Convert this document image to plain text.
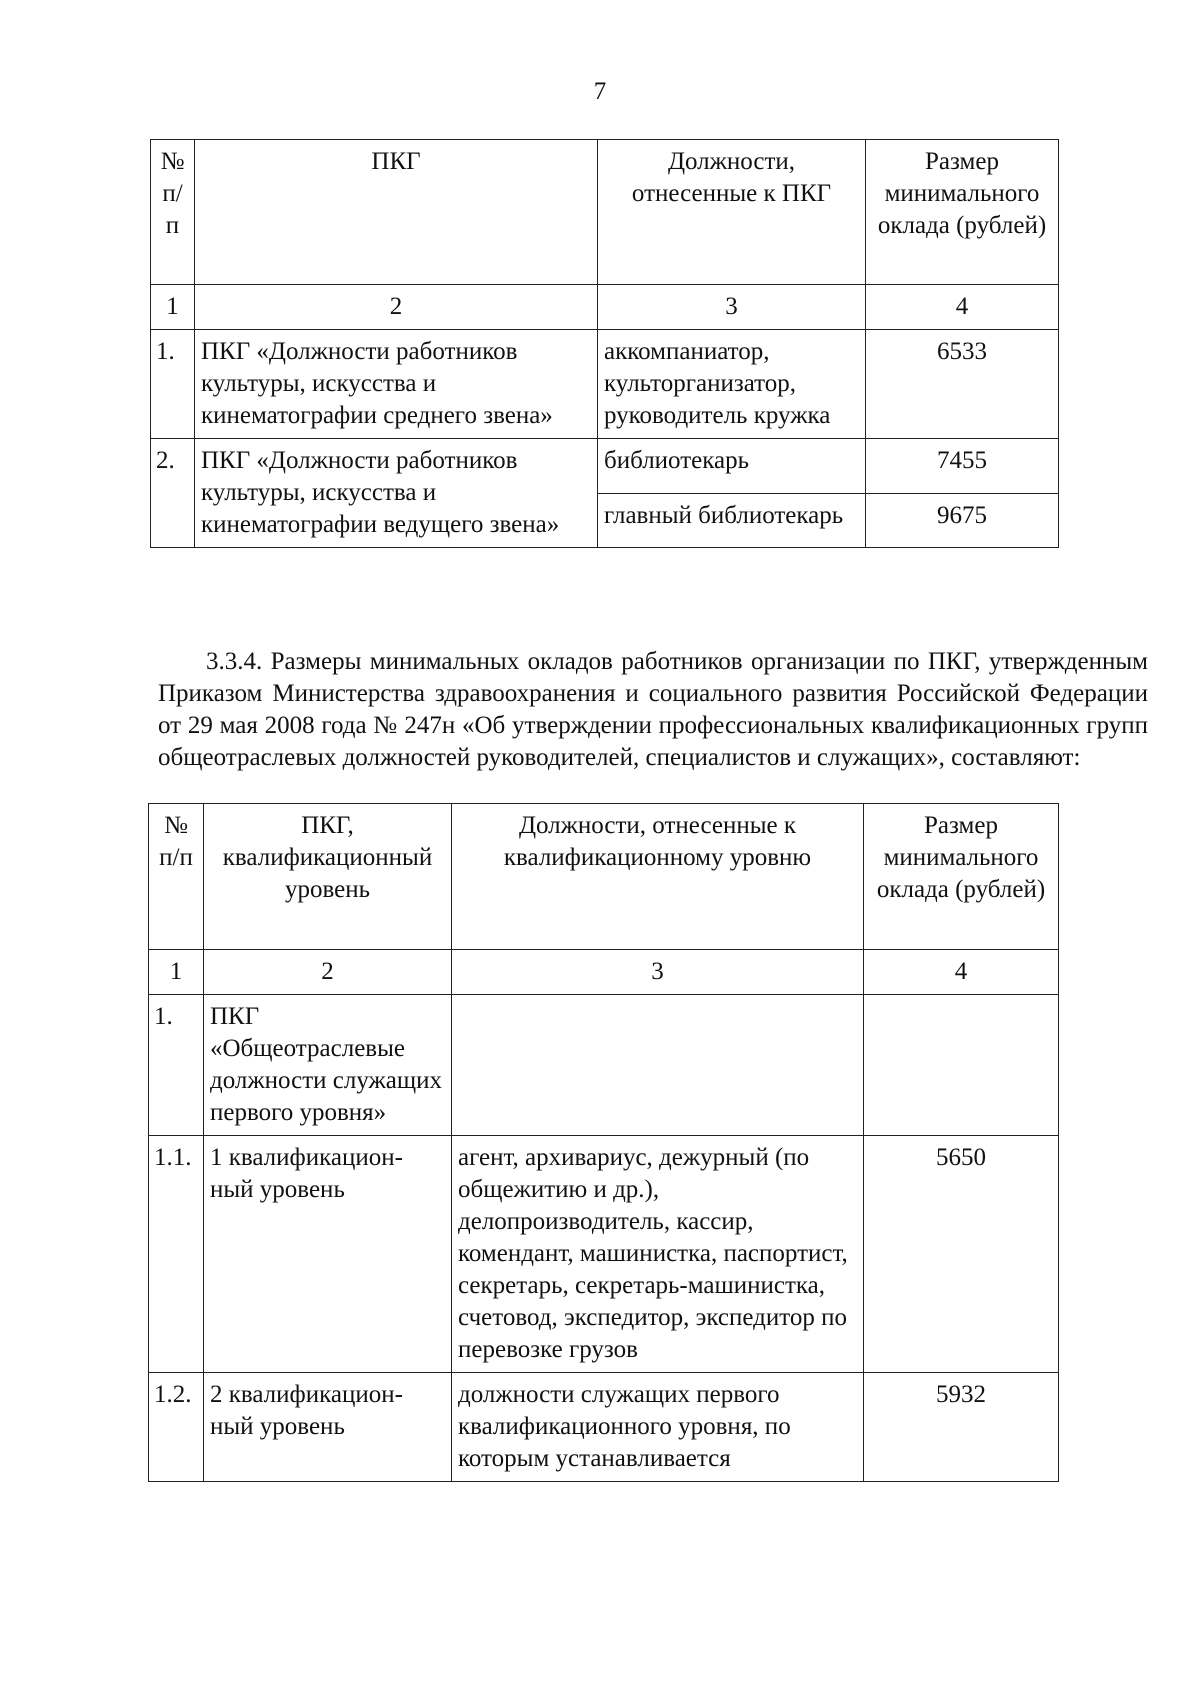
7
№ п/п	ПКГ	Должности, отнесенные к ПКГ	Размер минимального оклада (рублей)
1	2	3	4
1.	ПКГ «Должности работников культуры, искусства и кинематографии среднего звена»	аккомпаниатор, культорганизатор, руководитель кружка	6533
2.	ПКГ «Должности работников культуры, искусства и кинематографии ведущего звена»	библиотекарь	7455
		главный библиотекарь	9675

3.3.4. Размеры минимальных окладов работников организации по ПКГ, утвержденным Приказом Министерства здравоохранения и социального развития Российской Федерации от 29 мая 2008 года № 247н «Об утверждении профессиональных квалификационных групп общеотраслевых должностей руководителей, специалистов и служащих», составляют:

№ п/п	ПКГ, квалификационный уровень	Должности, отнесенные к квалификационному уровню	Размер минимального оклада (рублей)
1	2	3	4
1.	ПКГ «Общеотраслевые должности служащих первого уровня»		
1.1.	1 квалификацион-ный уровень	агент, архивариус, дежурный (по общежитию и др.), делопроизводитель, кассир, комендант, машинистка, паспортист, секретарь, секретарь-машинистка, счетовод, экспедитор, экспедитор по перевозке грузов	5650
1.2.	2 квалификацион-ный уровень	должности служащих первого квалификационного уровня, по которым устанавливается	5932
